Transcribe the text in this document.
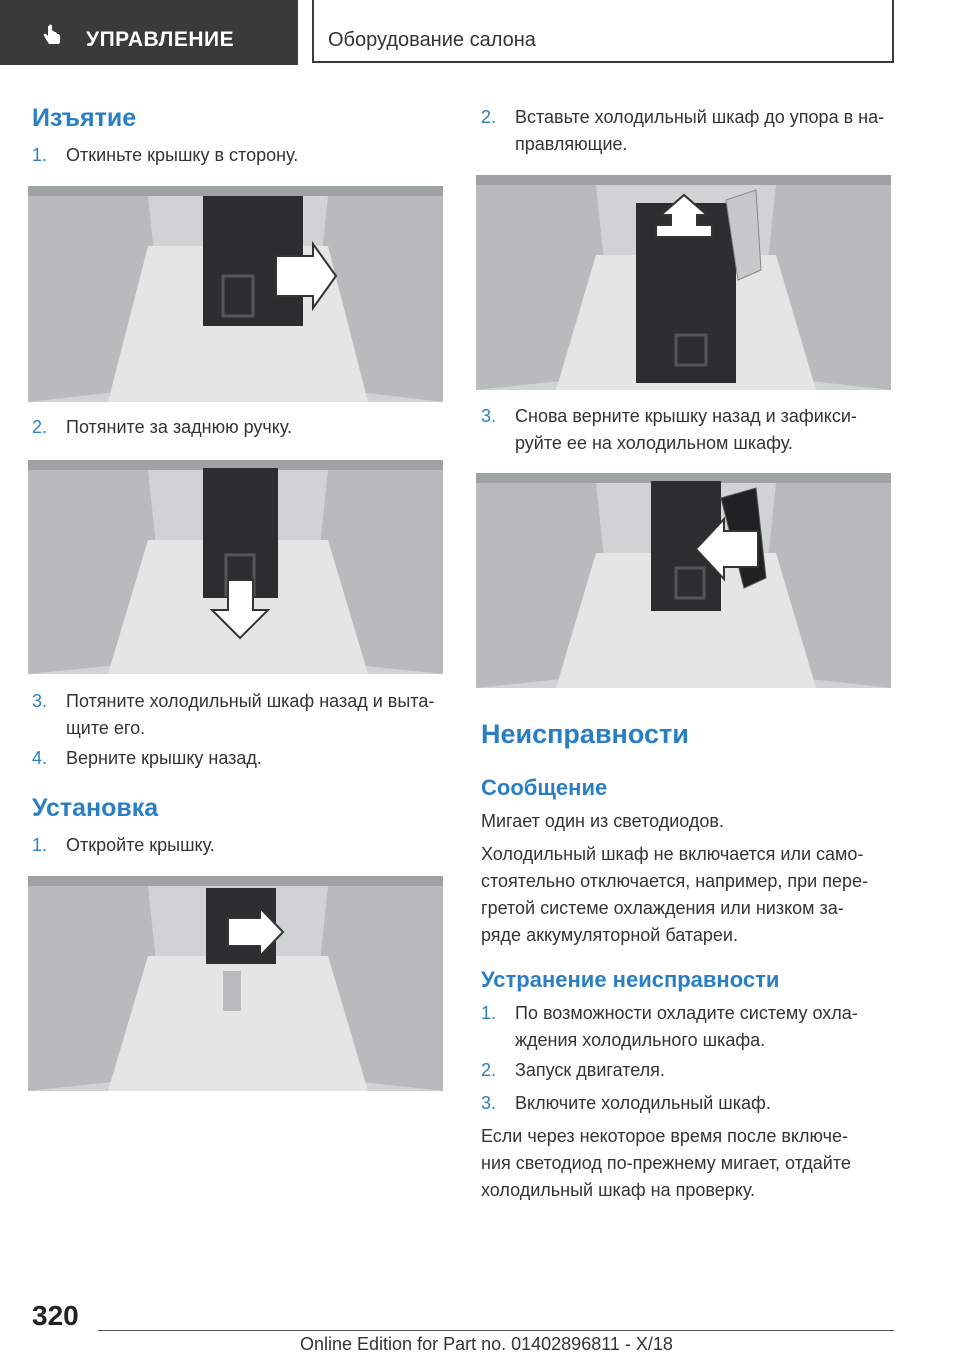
УПРАВЛЕНИЕ	Оборудование салона
Изъятие
1. Откиньте крышку в сторону.
2. Потяните за заднюю ручку.
3. Потяните холодильный шкаф назад и выта-
щите его.
4. Верните крышку назад.
Установка
1. Откройте крышку.
2. Вставьте холодильный шкаф до упора в на-
правляющие.
3. Снова верните крышку назад и зафикси-
руйте ее на холодильном шкафу.
Неисправности
Сообщение
Мигает один из светодиодов.
Холодильный шкаф не включается или само-
стоятельно отключается, например, при пере-
гретой системе охлаждения или низком за-
ряде аккумуляторной батареи.
Устранение неисправности
1. По возможности охладите систему охла-
ждения холодильного шкафа.
2. Запуск двигателя.
3. Включите холодильный шкаф.
Если через некоторое время после включе-
ния светодиод по-прежнему мигает, отдайте
холодильный шкаф на проверку.
320
Online Edition for Part no. 01402896811 - X/18
